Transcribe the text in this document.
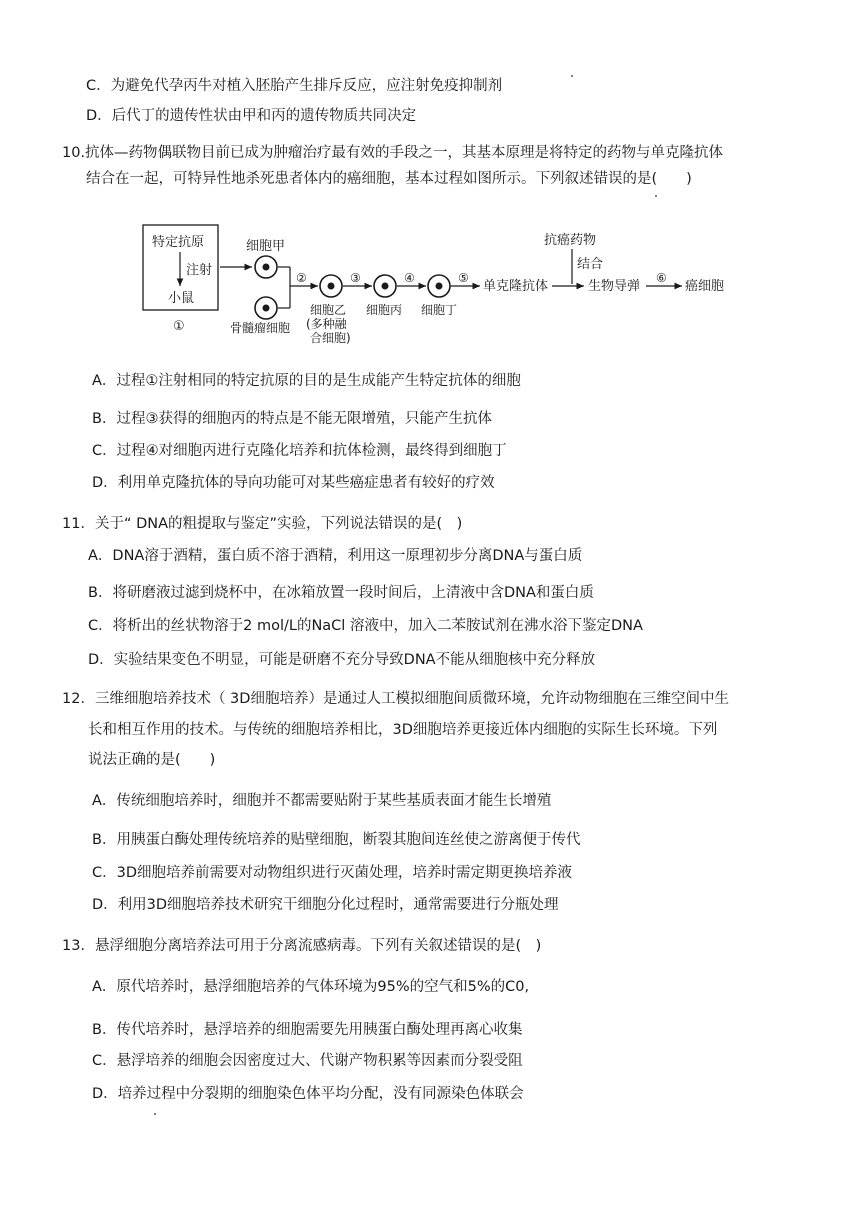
C．为避免代孕丙牛对植入胚胎产生排斥反应，应注射免疫抑制剂
D．后代丁的遗传性状由甲和丙的遗传物质共同决定
10.抗体—药物偶联物目前已成为肿瘤治疗最有效的手段之一，其基本原理是将特定的药物与单克隆抗体
结合在一起，可特异性地杀死患者体内的癌细胞，基本过程如图所示。下列叙述错误的是(　　)
特定抗原
注射
小鼠
①
细胞甲
骨髓瘤细胞
②
细胞乙
(多种融
合细胞)
③
细胞丙
④
细胞丁
⑤
单克隆抗体
抗癌药物
结合
生物导弹
⑥
癌细胞
A．过程①注射相同的特定抗原的目的是生成能产生特定抗体的细胞
B．过程③获得的细胞丙的特点是不能无限增殖，只能产生抗体
C．过程④对细胞丙进行克隆化培养和抗体检测，最终得到细胞丁
D．利用单克隆抗体的导向功能可对某些癌症患者有较好的疗效
11．关于“ DNA的粗提取与鉴定”实验，下列说法错误的是(　)
A．DNA溶于酒精，蛋白质不溶于酒精，利用这一原理初步分离DNA与蛋白质
B．将研磨液过滤到烧杯中，在冰箱放置一段时间后，上清液中含DNA和蛋白质
C．将析出的丝状物溶于2 mol/L的NaCl 溶液中，加入二苯胺试剂在沸水浴下鉴定DNA
D．实验结果变色不明显，可能是研磨不充分导致DNA不能从细胞核中充分释放
12．三维细胞培养技术（ 3D细胞培养）是通过人工模拟细胞间质微环境，允许动物细胞在三维空间中生
长和相互作用的技术。与传统的细胞培养相比，3D细胞培养更接近体内细胞的实际生长环境。下列
说法正确的是(　　)
A．传统细胞培养时，细胞并不都需要贴附于某些基质表面才能生长增殖
B．用胰蛋白酶处理传统培养的贴壁细胞，断裂其胞间连丝使之游离便于传代
C．3D细胞培养前需要对动物组织进行灭菌处理，培养时需定期更换培养液
D．利用3D细胞培养技术研究干细胞分化过程时，通常需要进行分瓶处理
13．悬浮细胞分离培养法可用于分离流感病毒。下列有关叙述错误的是(　)
A．原代培养时，悬浮细胞培养的气体环境为95%的空气和5%的C0,
B．传代培养时，悬浮培养的细胞需要先用胰蛋白酶处理再离心收集
C．悬浮培养的细胞会因密度过大、代谢产物积累等因素而分裂受阻
D．培养过程中分裂期的细胞染色体平均分配，没有同源染色体联会
